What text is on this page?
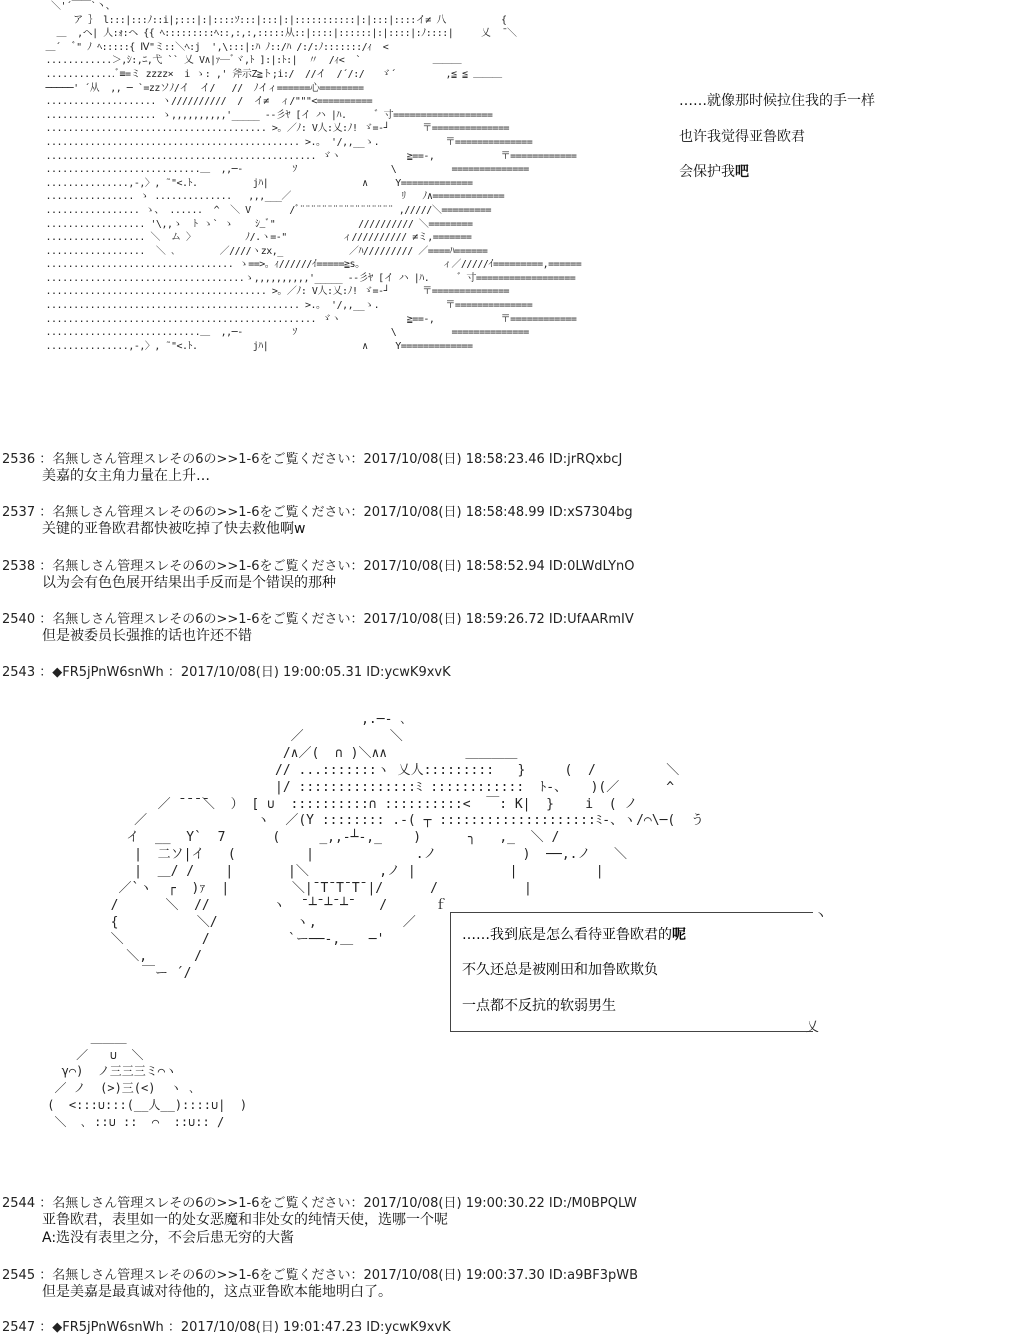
＼'´￣￣`丶、
ア ｝ l:::|:::ﾉ::i|;:::|:|::::ｿ:::|:::|:|:::::::::::|:|:::|::::イ≠ 八          {
＿  ,ヘ| 人:ｫ:ヘ {{ ﾍ:::::::::ﾍ::,:,:,:::::从::|::::|::::::|:|::::|:ﾉ::::|     乂  ̄ ＼
＿´  ﾞ" ﾉ ﾍ:::::{ Ⅳ"ミ::＼ﾍ:j  ',\:::|:ﾊ ﾉ::/ﾊ /:/:ﾉ:::::::/ｨ  <
............＞,ｼ:,ﾆ,弋 `` 乂 V∧|ｧ─ﾞヾ,ﾄ ]:|:ﾄ:|  〃  /ｨ<  `             ＿＿＿
.............ﾞ≡=ミ zzzz×  i ゝ: ,' 斧示Z≧ト;i:/  //イ  /´/:/   ゞ´         ,≦ ≦ ＿＿＿
─────' ´从  ,, ─ `=zzソﾉ/イ  イ/   //  ﾉイィ======心========
.................... ヽ//////////  /  イ≠  ィ/"""<==========
.................... ゝ,,,,,,,,,,'_____ --彡ﾔ [イ ハ |ﾊ.     ゛寸==================
........................................ >。／ﾉ: V人:乂:ﾉ! ゞ=-┘      〒==============
.............................................. >.。 '/,,__ゝ.            〒==============
................................................. ゞヽ            ≧==-,            〒============
............................＿  ,,─‐         ｿ                 \          ==============
...............,-,〉, ˜"<.ﾄ.          jﾊ|                 ∧     Y=============
................ ゝ ..............   ,,,___／                    ﾘ   ﾉ∧=============
................. ゝ、 ......  ^  ＼ V       /ﾞ¨¨¨¨¨¨¨¨¨¨¨¨¨¨¨¨¨ ,/////＼=========
.................. '\,,ゝ  ﾄ ゝ` ゝ    ｼ_ﾞ"               ////////// ＼========
.................. ＼  ム 〉         ﾉ/.ヽ=-"          ィ////////// ≠ミ,=======
..................  ＼ ､        ／////ヽzx,_            ／ﾊ///////// ／====ﾊ======
.................................. ゝ==>。ｨ//////ｲ=====≧s。              ィ／/////ｲ=========,======
....................................ゝ,,,,,,,,,,'_____ --彡ﾔ [イ ハ |ﾊ.     ゛寸==================
........................................ >。／ﾉ: V人:乂:ﾉ! ゞ=-┘      〒==============
.............................................. >.。 '/,,__ゝ.            〒==============
................................................. ゞヽ            ≧==-,            〒============
............................＿  ,,─‐         ｿ                 \          ==============
...............,-,〉, ˜"<.ﾄ.          jﾊ|                 ∧     Y=============
……就像那时候拉住我的手一样
也许我觉得亚鲁欧君
会保护我吧
2536 ：名無しさん管理スレその6の>>1-6をご覧ください：2017/10/08(日) 18:58:23.46 ID:jrRQxbcJ
美嘉的女主角力量在上升…
2537 ：名無しさん管理スレその6の>>1-6をご覧ください：2017/10/08(日) 18:58:48.99 ID:xS7304bg
关键的亚鲁欧君都快被吃掉了快去救他啊w
2538 ：名無しさん管理スレその6の>>1-6をご覧ください：2017/10/08(日) 18:58:52.94 ID:0LWdLYnO
以为会有色色展开结果出手反而是个错误的那种
2540 ：名無しさん管理スレその6の>>1-6をご覧ください：2017/10/08(日) 18:59:26.72 ID:UfAARmIV
但是被委员长强推的话也许还不错
2543 ：◆FR5jPnW6snWh ：2017/10/08(日) 19:00:05.31 ID:ycwK9xvK
,.─‐ ､
／           ＼
/∧／(  ∩ )＼∧∧          ＿＿＿＿
// ...:::::::ヽ 乂人:::::::::   }     (  /         ＼
|/ :::::::::::::::ﾐ ::::::::::::  ﾄ-、   )(／      ^
／ ̄ ̄ ̄ ̄＼  ） [ ∪  ::::::::::∩ ::::::::::<  ￣: K|  }    i  ( ノ
／              ヽ  ／(Y :::::::: .-( ┬ ::::::::::::::::::::ﾐ-、ヽ/⌒\─(  う
イ  __  Y`  7      (     _,,-┴-,_    )      ╮   ,_  ＼ /
|  二ソ|イ   (         |             .ノ           )  ──,.ノ   ＼
|  ＿/ /    |       |＼         ,ノ |            |          |
／`ヽ  ┌  )ｧ  |        ＼|¯T¯T¯T¯|/      /           |
/      ＼  //        ヽ  ¯┴¯┴¯┴¯   /      ｆ
{          ＼/          ヽ,           ／
＼          /          `ー──-,＿  ─'
＼,      /
￣ー ´/
丶
乂
……我到底是怎么看待亚鲁欧君的呢
不久还总是被刚田和加鲁欧欺负
一点都不反抗的软弱男生
＿＿＿
／   ∪  ＼
γ⌒)  ノ三三三ミ⌒ヽ
／ ノ  (>)三(<)  ヽ ､
(  <:::∪:::(__人__)::::∪|  )
＼  ､ ::∪ ::  ⌒  ::∪:: /
2544 ：名無しさん管理スレその6の>>1-6をご覧ください：2017/10/08(日) 19:00:30.22 ID:/M0BPQLW
亚鲁欧君，表里如一的处女恶魔和非处女的纯情天使，选哪一个呢
A:选没有表里之分，不会后患无穷的大酱
2545 ：名無しさん管理スレその6の>>1-6をご覧ください：2017/10/08(日) 19:00:37.30 ID:a9BF3pWB
但是美嘉是最真诚对待他的，这点亚鲁欧本能地明白了。
2547 ：◆FR5jPnW6snWh ：2017/10/08(日) 19:01:47.23 ID:ycwK9xvK
